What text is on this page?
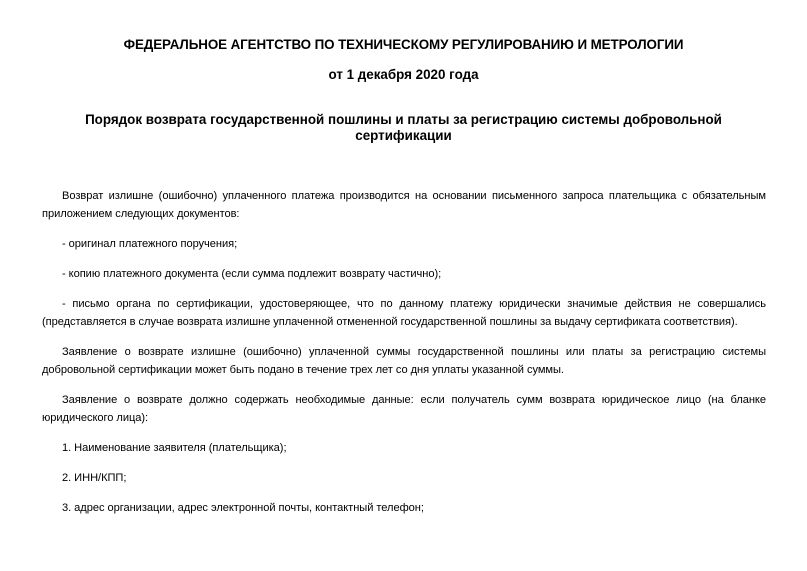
ФЕДЕРАЛЬНОЕ АГЕНТСТВО ПО ТЕХНИЧЕСКОМУ РЕГУЛИРОВАНИЮ И МЕТРОЛОГИИ
от 1 декабря 2020 года
Порядок возврата государственной пошлины и платы за регистрацию системы добровольной сертификации

Возврат излишне (ошибочно) уплаченного платежа производится на основании письменного запроса плательщика с обязательным приложением следующих документов:

- оригинал платежного поручения;

- копию платежного документа (если сумма подлежит возврату частично);

- письмо органа по сертификации, удостоверяющее, что по данному платежу юридически значимые действия не совершались (представляется в случае возврата излишне уплаченной отмененной государственной пошлины за выдачу сертификата соответствия).

Заявление о возврате излишне (ошибочно) уплаченной суммы государственной пошлины или платы за регистрацию системы добровольной сертификации может быть подано в течение трех лет со дня уплаты указанной суммы.

Заявление о возврате должно содержать необходимые данные: если получатель сумм возврата юридическое лицо (на бланке юридического лица):

1. Наименование заявителя (плательщика);

2. ИНН/КПП;

3. адрес организации, адрес электронной почты, контактный телефон;
